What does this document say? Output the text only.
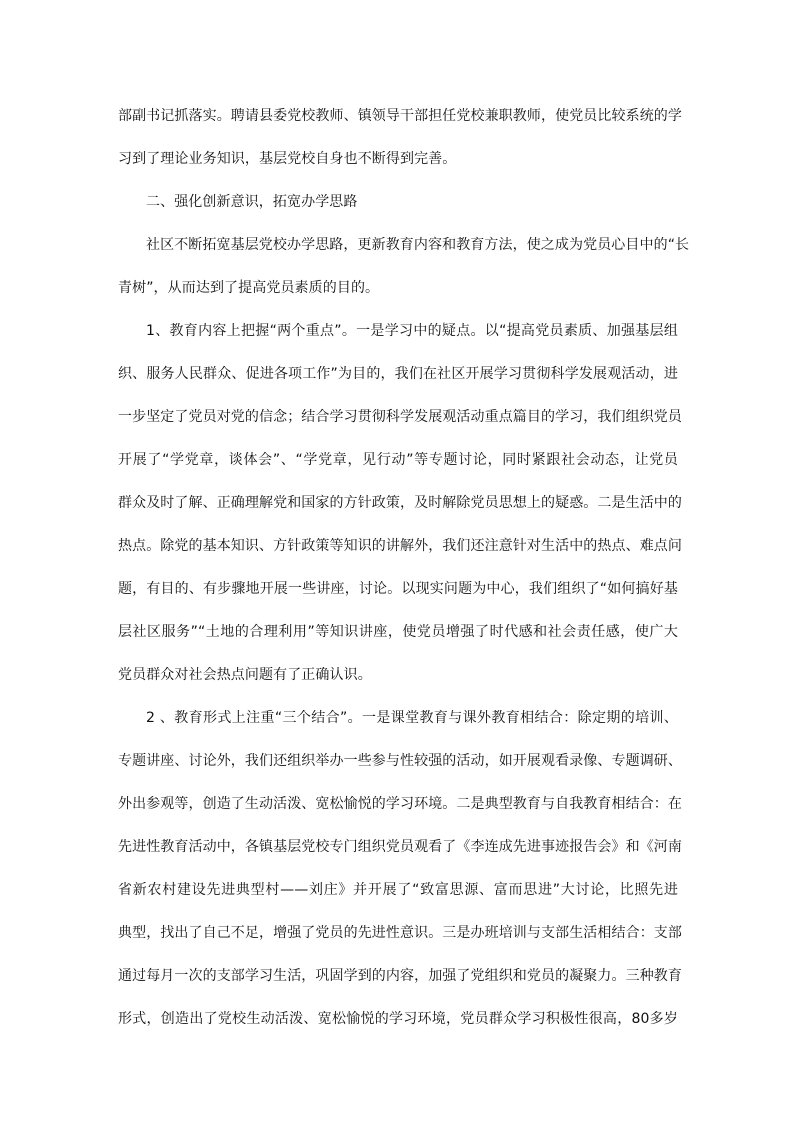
部副书记抓落实。聘请县委党校教师、镇领导干部担任党校兼职教师，使党员比较系统的学
习到了理论业务知识，基层党校自身也不断得到完善。
二、强化创新意识，拓宽办学思路
社区不断拓宽基层党校办学思路，更新教育内容和教育方法，使之成为党员心目中的“长
青树”，从而达到了提高党员素质的目的。
1、教育内容上把握“两个重点”。一是学习中的疑点。以“提高党员素质、加强基层组
织、服务人民群众、促进各项工作”为目的，我们在社区开展学习贯彻科学发展观活动，进
一步坚定了党员对党的信念；结合学习贯彻科学发展观活动重点篇目的学习，我们组织党员
开展了“学党章，谈体会”、“学党章，见行动”等专题讨论，同时紧跟社会动态，让党员
群众及时了解、正确理解党和国家的方针政策，及时解除党员思想上的疑惑。二是生活中的
热点。除党的基本知识、方针政策等知识的讲解外，我们还注意针对生活中的热点、难点问
题，有目的、有步骤地开展一些讲座，讨论。以现实问题为中心，我们组织了“如何搞好基
层社区服务”“土地的合理利用”等知识讲座，使党员增强了时代感和社会责任感，使广大
党员群众对社会热点问题有了正确认识。
2 、教育形式上注重“三个结合”。一是课堂教育与课外教育相结合：除定期的培训、
专题讲座、讨论外，我们还组织举办一些参与性较强的活动，如开展观看录像、专题调研、
外出参观等，创造了生动活泼、宽松愉悦的学习环境。二是典型教育与自我教育相结合：在
先进性教育活动中，各镇基层党校专门组织党员观看了《李连成先进事迹报告会》和《河南
省新农村建设先进典型村——刘庄》并开展了“致富思源、富而思进”大讨论，比照先进
典型，找出了自己不足，增强了党员的先进性意识。三是办班培训与支部生活相结合：支部
通过每月一次的支部学习生活，巩固学到的内容，加强了党组织和党员的凝聚力。三种教育
形式，创造出了党校生动活泼、宽松愉悦的学习环境，党员群众学习积极性很高，80多岁
